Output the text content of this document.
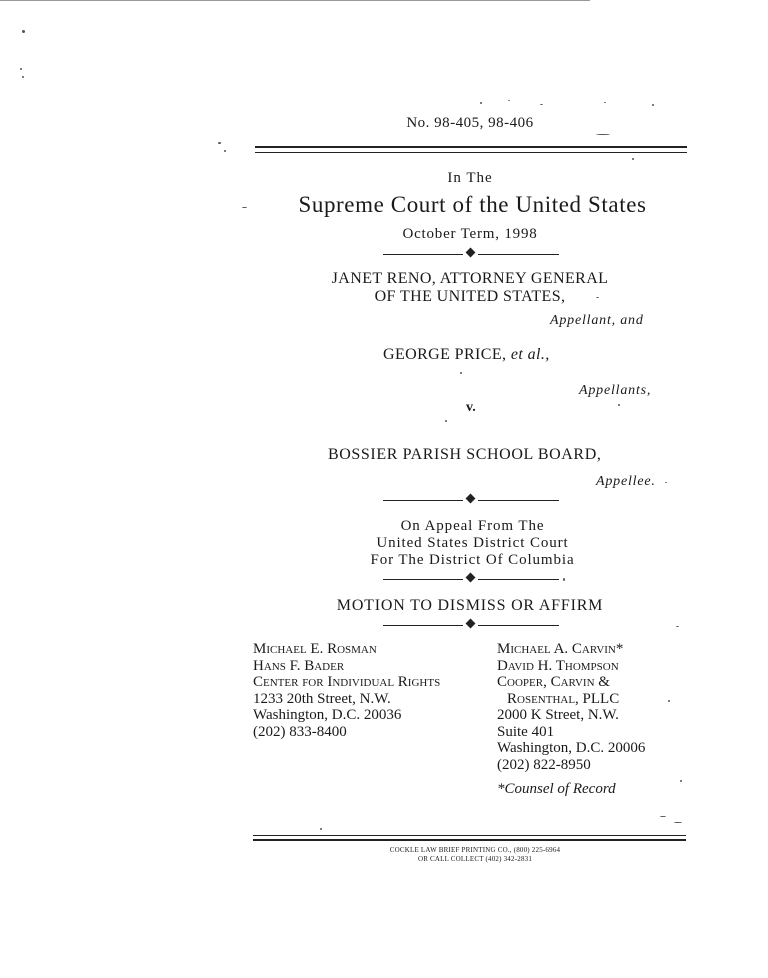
No. 98-405, 98-406
In The
Supreme Court of the United States
October Term, 1998
JANET RENO, ATTORNEY GENERAL
OF THE UNITED STATES,
Appellant, and
GEORGE PRICE, et al.,
Appellants,
v.
BOSSIER PARISH SCHOOL BOARD,
Appellee.
On Appeal From The
United States District Court
For The District Of Columbia
MOTION TO DISMISS OR AFFIRM
Michael E. Rosman
Hans F. Bader
Center for Individual Rights
1233 20th Street, N.W.
Washington, D.C. 20036
(202) 833-8400
Michael A. Carvin*
David H. Thompson
Cooper, Carvin &
Rosenthal, PLLC
2000 K Street, N.W.
Suite 401
Washington, D.C. 20006
(202) 822-8950
*Counsel of Record
COCKLE LAW BRIEF PRINTING CO., (800) 225-6964
OR CALL COLLECT (402) 342-2831
